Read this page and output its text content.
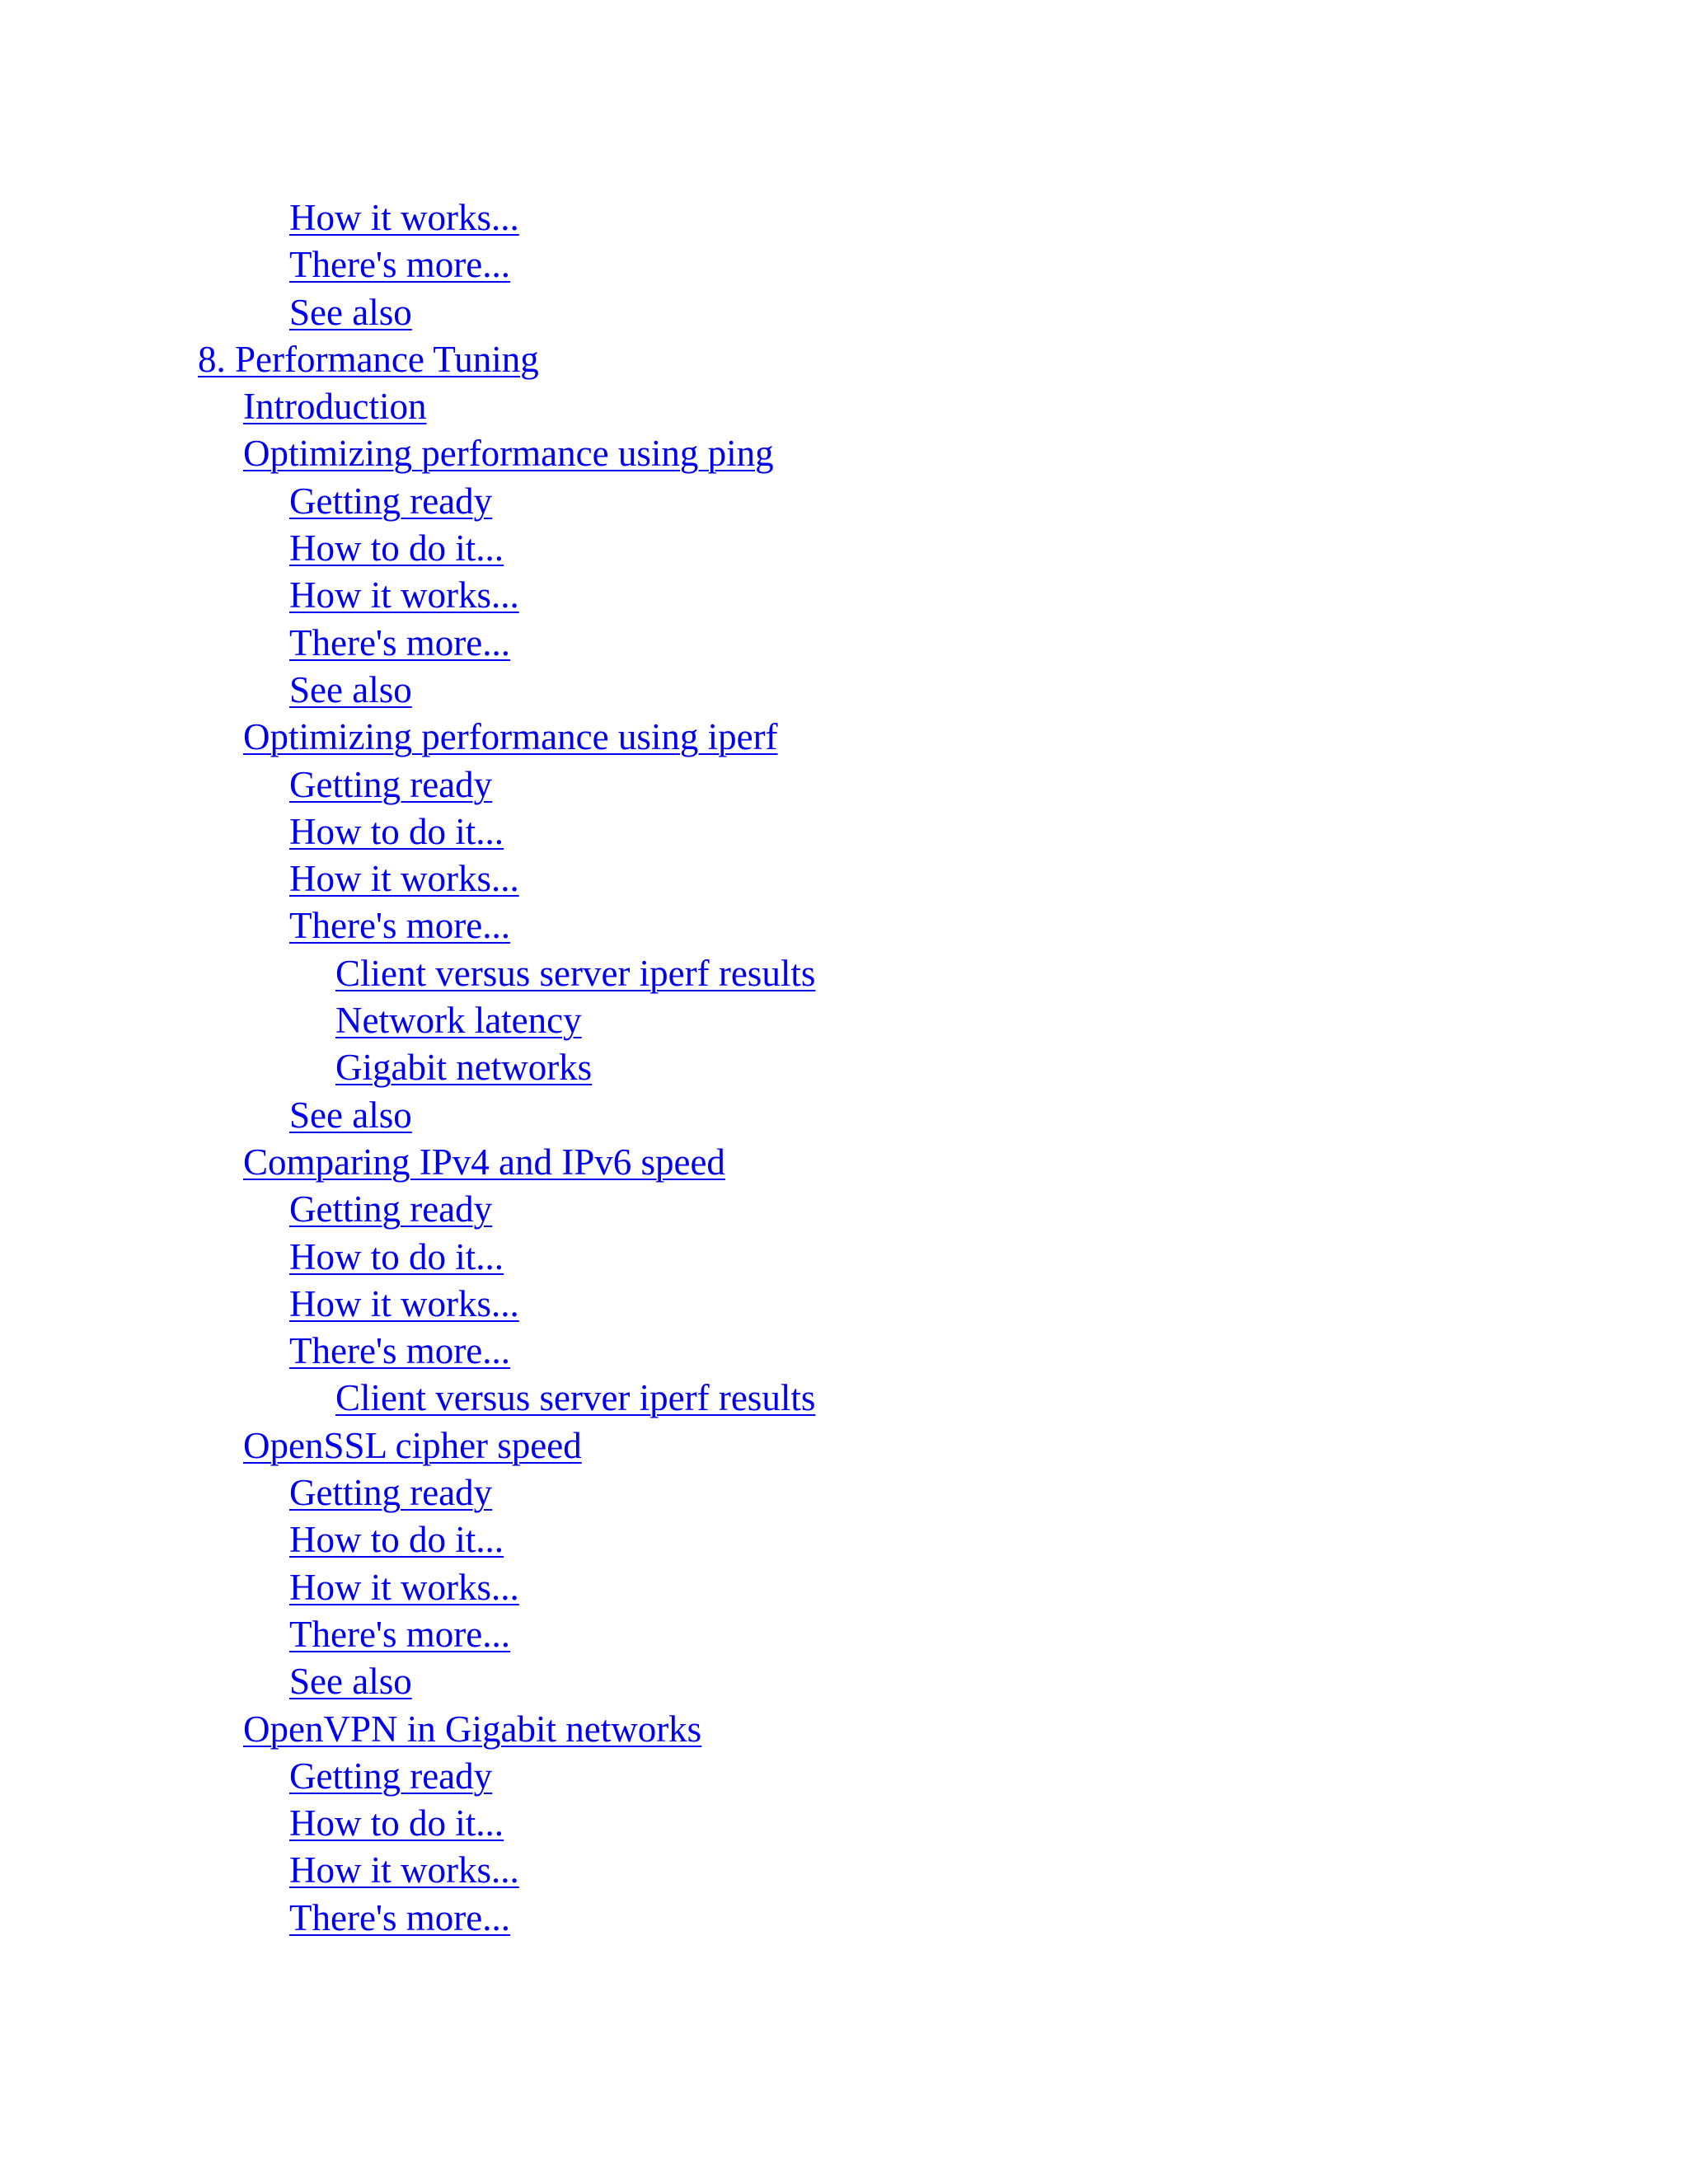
How it works...
There's more...
See also
8. Performance Tuning
Introduction
Optimizing performance using ping
Getting ready
How to do it...
How it works...
There's more...
See also
Optimizing performance using iperf
Getting ready
How to do it...
How it works...
There's more...
Client versus server iperf results
Network latency
Gigabit networks
See also
Comparing IPv4 and IPv6 speed
Getting ready
How to do it...
How it works...
There's more...
Client versus server iperf results
OpenSSL cipher speed
Getting ready
How to do it...
How it works...
There's more...
See also
OpenVPN in Gigabit networks
Getting ready
How to do it...
How it works...
There's more...
